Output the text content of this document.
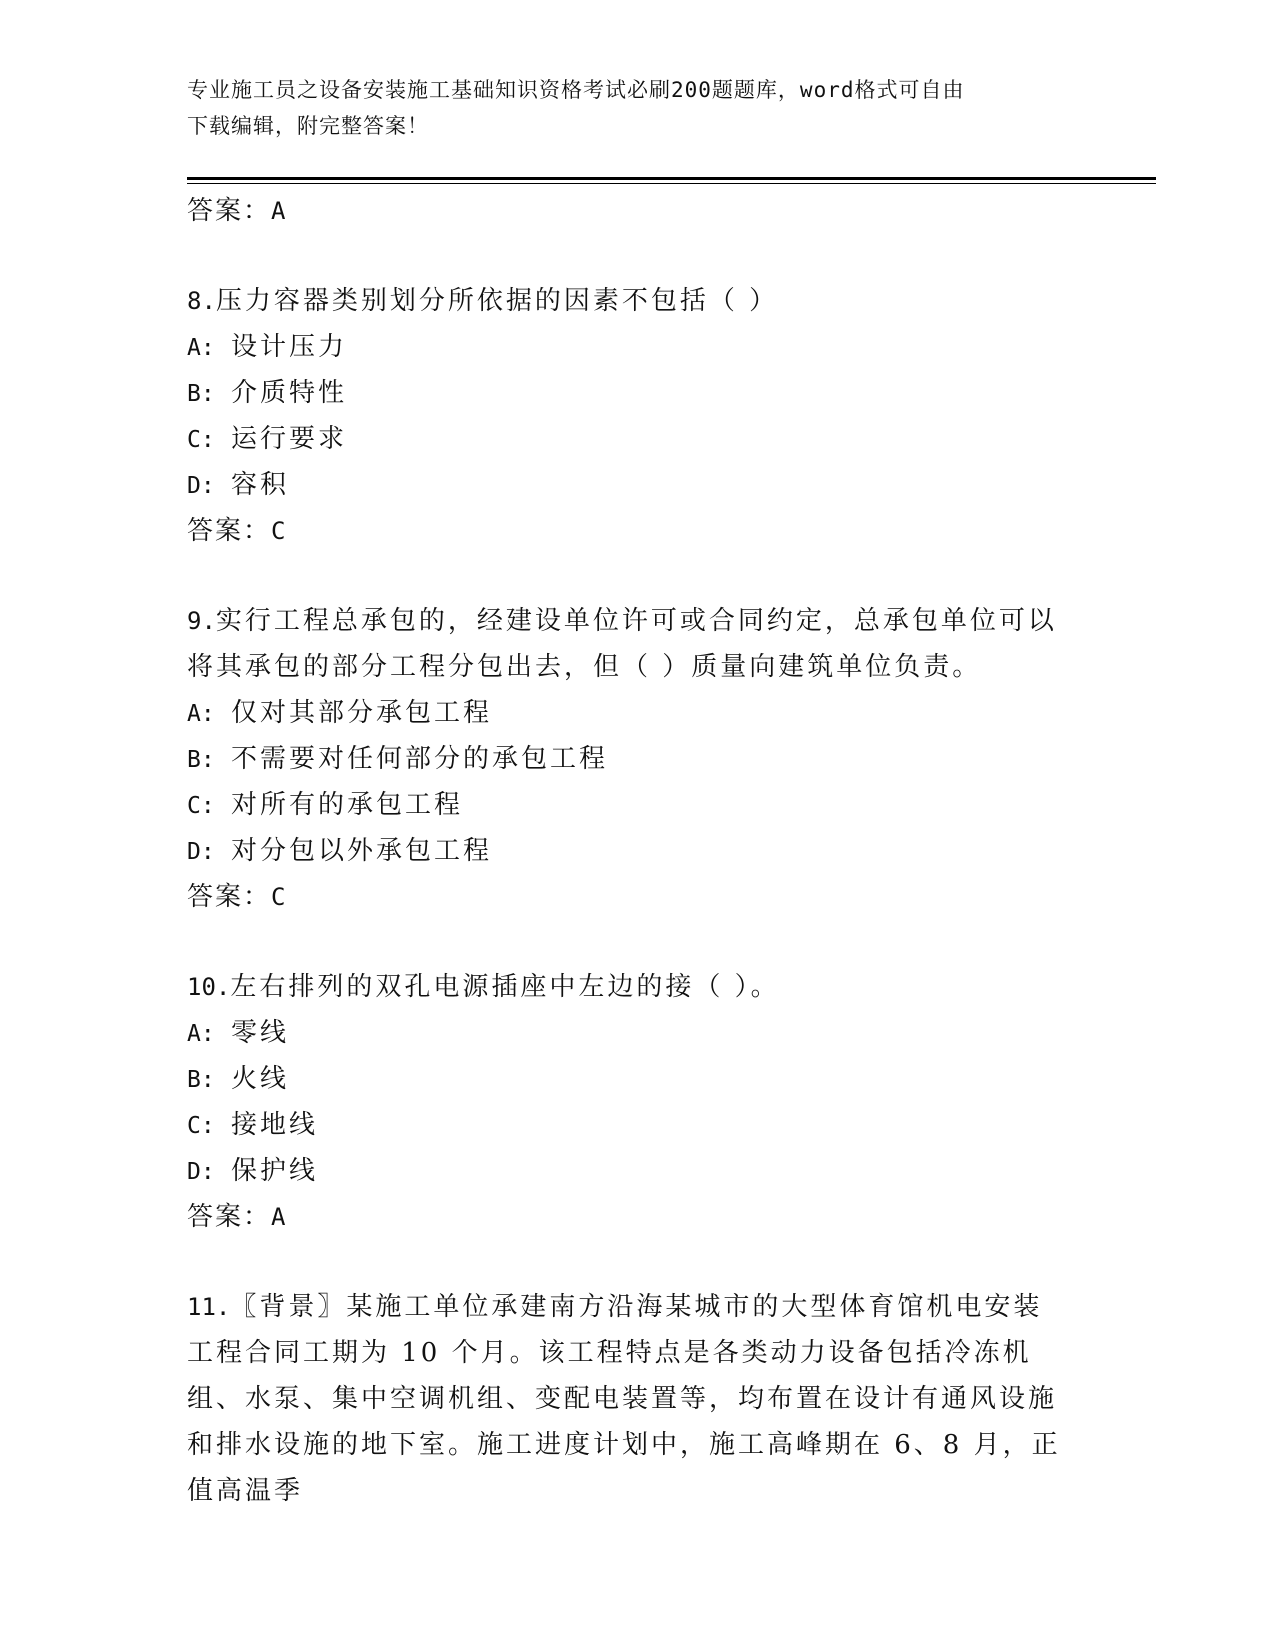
专业施工员之设备安装施工基础知识资格考试必刷200题题库，word格式可自由
下载编辑，附完整答案！
答案：A
8.压力容器类别划分所依据的因素不包括（ ）
A: 设计压力
B: 介质特性
C: 运行要求
D: 容积
答案：C
9.实行工程总承包的，经建设单位许可或合同约定，总承包单位可以将其承包的部分工程分包出去，但（ ）质量向建筑单位负责。
A: 仅对其部分承包工程
B: 不需要对任何部分的承包工程
C: 对所有的承包工程
D: 对分包以外承包工程
答案：C
10.左右排列的双孔电源插座中左边的接（ ）。
A: 零线
B: 火线
C: 接地线
D: 保护线
答案：A
11.〖背景〗某施工单位承建南方沿海某城市的大型体育馆机电安装工程合同工期为 10 个月。该工程特点是各类动力设备包括冷冻机组、水泵、集中空调机组、变配电装置等，均布置在设计有通风设施和排水设施的地下室。施工进度计划中，施工高峰期在 6、8 月，正值高温季
